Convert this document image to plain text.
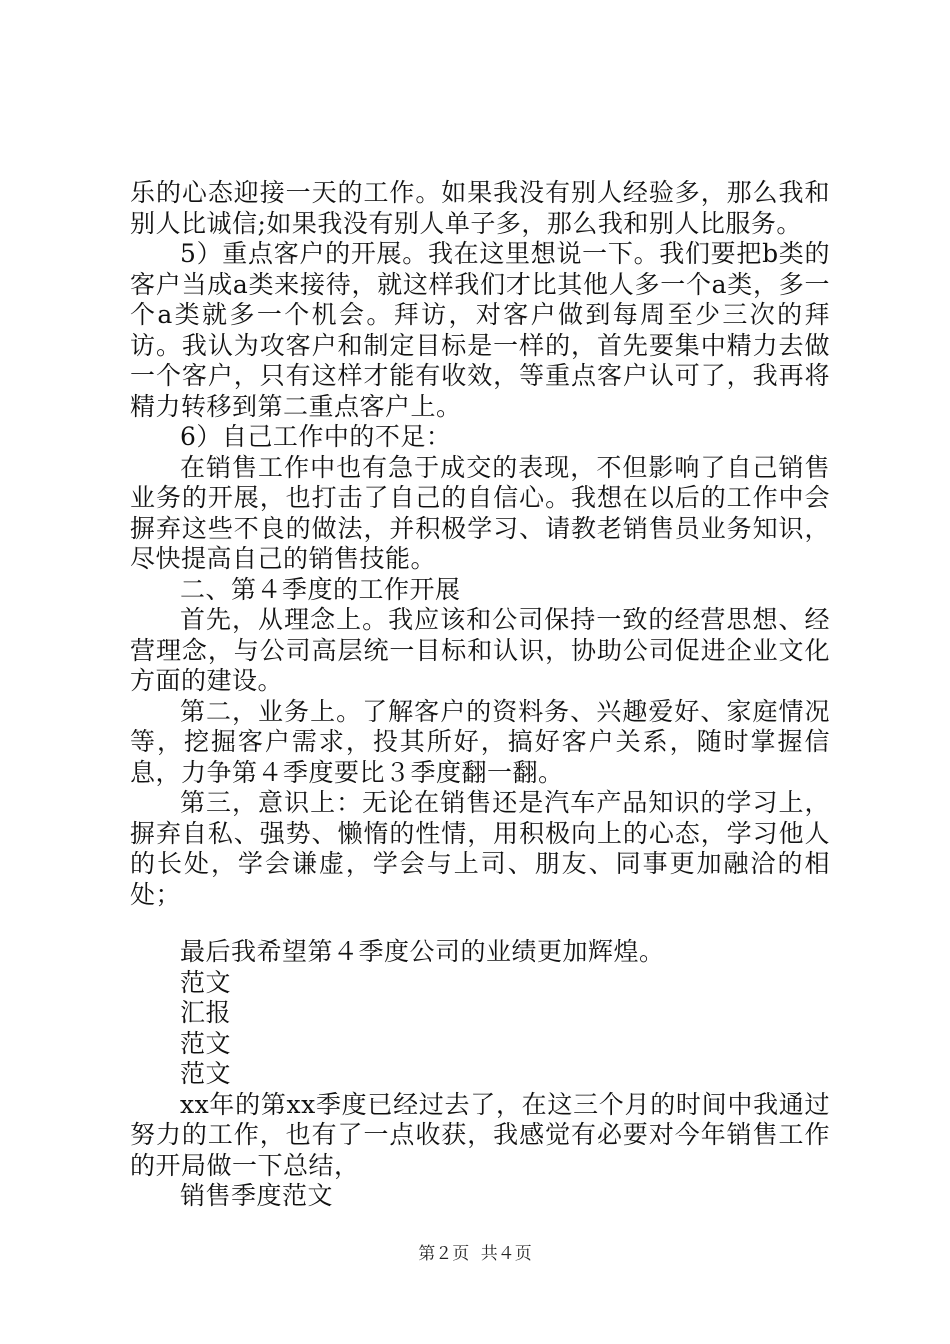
乐的心态迎接一天的工作。如果我没有别人经验多，那么我和别人比诚信;如果我没有别人单子多，那么我和别人比服务。

5）重点客户的开展。我在这里想说一下。我们要把b类的客户当成a类来接待，就这样我们才比其他人多一个a类，多一个a类就多一个机会。拜访，对客户做到每周至少三次的拜访。我认为攻客户和制定目标是一样的，首先要集中精力去做一个客户，只有这样才能有收效，等重点客户认可了，我再将精力转移到第二重点客户上。

6）自己工作中的不足：

在销售工作中也有急于成交的表现，不但影响了自己销售业务的开展，也打击了自己的自信心。我想在以后的工作中会摒弃这些不良的做法，并积极学习、请教老销售员业务知识，尽快提高自己的销售技能。

二、第４季度的工作开展

首先，从理念上。我应该和公司保持一致的经营思想、经营理念，与公司高层统一目标和认识，协助公司促进企业文化方面的建设。

第二，业务上。了解客户的资料务、兴趣爱好、家庭情况等，挖掘客户需求，投其所好，搞好客户关系，随时掌握信息，力争第４季度要比３季度翻一翻。

第三，意识上：无论在销售还是汽车产品知识的学习上，摒弃自私、强势、懒惰的性情，用积极向上的心态，学习他人的长处，学会谦虚，学会与上司、朋友、同事更加融洽的相处；

最后我希望第４季度公司的业绩更加辉煌。

范文

汇报

范文

范文

xx年的第xx季度已经过去了，在这三个月的时间中我通过努力的工作，也有了一点收获，我感觉有必要对今年销售工作的开局做一下总结，

销售季度范文

第２页 共４页
